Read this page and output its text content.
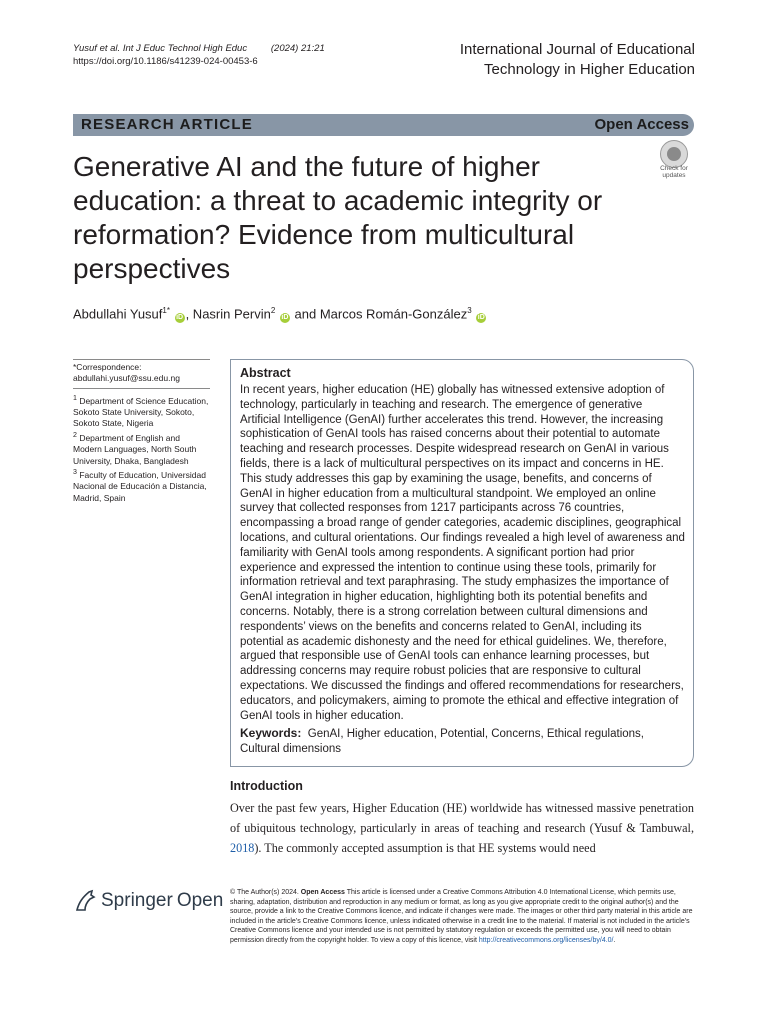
Yusuf et al. Int J Educ Technol High Educ	(2024) 21:21
https://doi.org/10.1186/s41239-024-00453-6
International Journal of Educational
Technology in Higher Education
RESEARCH ARTICLE	Open Access
Generative AI and the future of higher education: a threat to academic integrity or reformation? Evidence from multicultural perspectives
Check for
updates
Abdullahi Yusuf$^{1*}$ iD , Nasrin Pervin$^2$ iD and Marcos Román-González$^3$ iD
*Correspondence:
abdullahi.yusuf@ssu.edu.ng

$^1$ Department of Science Education, Sokoto State University, Sokoto, Sokoto State, Nigeria

$^2$ Department of English and Modern Languages, North South University, Dhaka, Bangladesh

$^3$ Faculty of Education, Universidad Nacional de Educación a Distancia, Madrid, Spain

Abstract
In recent years, higher education (HE) globally has witnessed extensive adoption of technology, particularly in teaching and research. The emergence of generative Artificial Intelligence (GenAI) further accelerates this trend. However, the increasing sophistication of GenAI tools has raised concerns about their potential to automate teaching and research processes. Despite widespread research on GenAI in various fields, there is a lack of multicultural perspectives on its impact and concerns in HE. This study addresses this gap by examining the usage, benefits, and concerns of GenAI in higher education from a multicultural standpoint. We employed an online survey that collected responses from 1217 participants across 76 countries, encompassing a broad range of gender categories, academic disciplines, geographical locations, and cultural orientations. Our findings revealed a high level of awareness and familiarity with GenAI tools among respondents. A significant portion had prior experience and expressed the intention to continue using these tools, primarily for information retrieval and text paraphrasing. The study emphasizes the importance of GenAI integration in higher education, highlighting both its potential benefits and concerns. Notably, there is a strong correlation between cultural dimensions and respondents’ views on the benefits and concerns related to GenAI, including its potential as academic dishonesty and the need for ethical guidelines. We, therefore, argued that responsible use of GenAI tools can enhance learning processes, but addressing concerns may require robust policies that are responsive to cultural expectations. We discussed the findings and offered recommendations for researchers, educators, and policymakers, aiming to promote the ethical and effective integration of GenAI tools in higher education.
Keywords: GenAI, Higher education, Potential, Concerns, Ethical regulations, Cultural dimensions
Introduction
Over the past few years, Higher Education (HE) worldwide has witnessed massive penetration of ubiquitous technology, particularly in areas of teaching and research (Yusuf & Tambuwal, 2018). The commonly accepted assumption is that HE systems would need
Springer Open © The Author(s) 2024. Open Access This article is licensed under a Creative Commons Attribution 4.0 International License, which permits use, sharing, adaptation, distribution and reproduction in any medium or format, as long as you give appropriate credit to the original author(s) and the source, provide a link to the Creative Commons licence, and indicate if changes were made. The images or other third party material in this article are included in the article’s Creative Commons licence, unless indicated otherwise in a credit line to the material. If material is not included in the article’s Creative Commons licence and your intended use is not permitted by statutory regulation or exceeds the permitted use, you will need to obtain permission directly from the copyright holder. To view a copy of this licence, visit http://creativecommons.org/licenses/by/4.0/.
